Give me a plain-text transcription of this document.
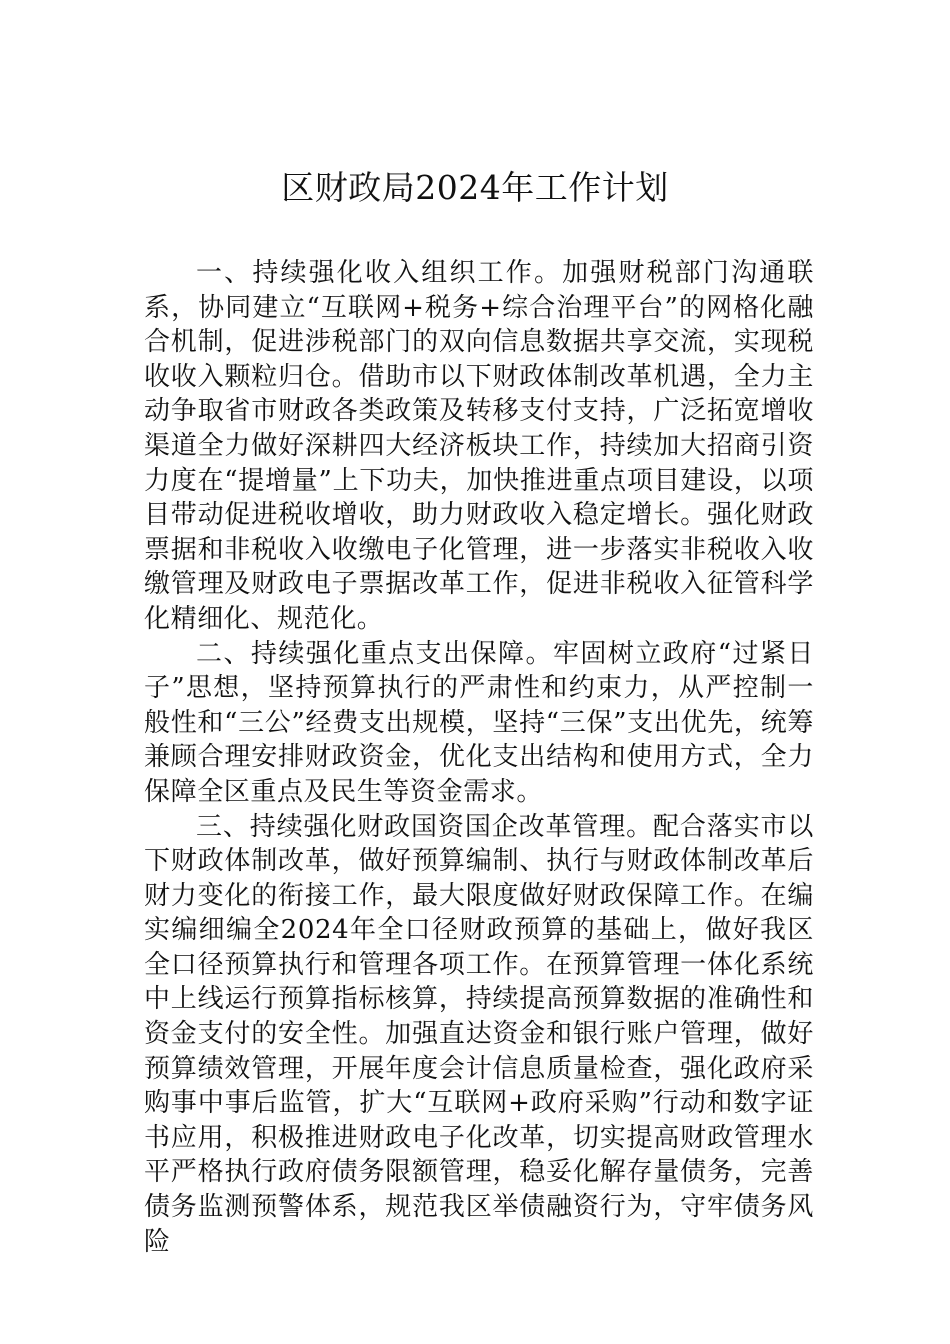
区财政局2024年工作计划

一、持续强化收入组织工作。加强财税部门沟通联系，协同建立“互联网+税务+综合治理平台”的网格化融合机制，促进涉税部门的双向信息数据共享交流，实现税收收入颗粒归仓。借助市以下财政体制改革机遇，全力主动争取省市财政各类政策及转移支付支持，广泛拓宽增收渠道全力做好深耕四大经济板块工作，持续加大招商引资力度在“提增量”上下功夫，加快推进重点项目建设，以项目带动促进税收增收，助力财政收入稳定增长。强化财政票据和非税收入收缴电子化管理，进一步落实非税收入收缴管理及财政电子票据改革工作，促进非税收入征管科学化精细化、规范化。

二、持续强化重点支出保障。牢固树立政府“过紧日子”思想，坚持预算执行的严肃性和约束力，从严控制一般性和“三公”经费支出规模，坚持“三保”支出优先，统筹兼顾合理安排财政资金，优化支出结构和使用方式，全力保障全区重点及民生等资金需求。

三、持续强化财政国资国企改革管理。配合落实市以下财政体制改革，做好预算编制、执行与财政体制改革后财力变化的衔接工作，最大限度做好财政保障工作。在编实编细编全2024年全口径财政预算的基础上，做好我区全口径预算执行和管理各项工作。在预算管理一体化系统中上线运行预算指标核算，持续提高预算数据的准确性和资金支付的安全性。加强直达资金和银行账户管理，做好预算绩效管理，开展年度会计信息质量检查，强化政府采购事中事后监管，扩大“互联网+政府采购”行动和数字证书应用，积极推进财政电子化改革，切实提高财政管理水平严格执行政府债务限额管理，稳妥化解存量债务，完善债务监测预警体系，规范我区举债融资行为，守牢债务风险
